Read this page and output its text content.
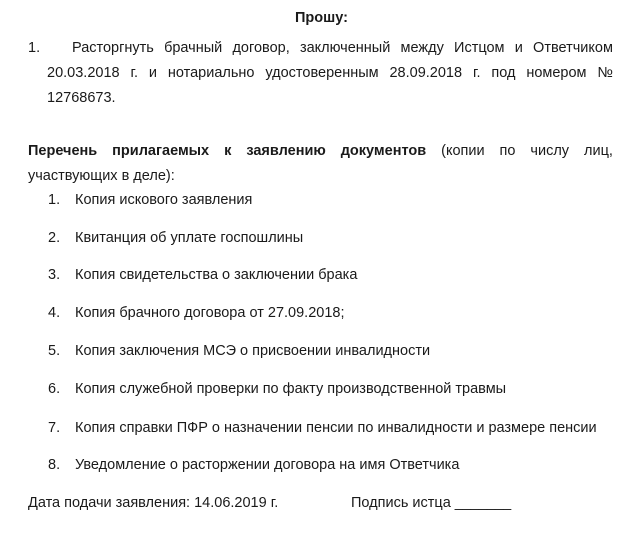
Прошу:
1. Расторгнуть брачный договор, заключенный между Истцом и Ответчиком
20.03.2018 г. и нотариально удостоверенным 28.09.2018 г. под номером №
12768673.
Перечень прилагаемых к заявлению документов (копии по числу лиц,
участвующих в деле):
1. Копия искового заявления
2. Квитанция об уплате госпошлины
3. Копия свидетельства о заключении брака
4. Копия брачного договора от 27.09.2018;
5. Копия заключения МСЭ о присвоении инвалидности
6. Копия служебной проверки по факту производственной травмы
7. Копия справки ПФР о назначении пенсии по инвалидности и размере пенсии
8. Уведомление о расторжении договора на имя Ответчика
Дата подачи заявления: 14.06.2019 г.	Подпись истца _______
